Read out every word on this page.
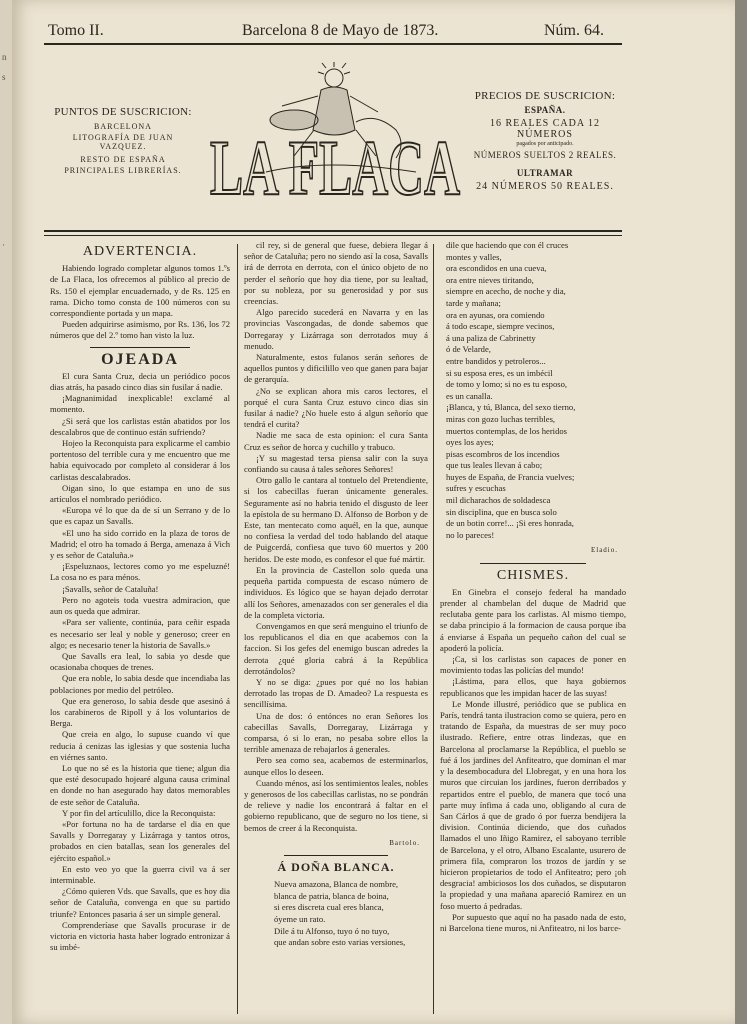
n
s
·
Tomo II.	Barcelona 8 de Mayo de 1873.	Núm. 64.
PUNTOS DE SUSCRICION:
BARCELONA
LITOGRAFÍA DE JUAN VAZQUEZ.
RESTO DE ESPAÑA
PRINCIPALES LIBRERÍAS. LA FLACA
PRECIOS DE SUSCRICION:
ESPAÑA.
16 REALES CADA 12 NÚMEROS
pagados por anticipado.
NÚMEROS SUELTOS 2 REALES.
ULTRAMAR
24 NÚMEROS 50 REALES.
ADVERTENCIA.

Habiendo logrado completar algunos tomos 1.ºs de La Flaca, los ofrecemos al público al precio de Rs. 150 el ejemplar encuadernado, y de Rs. 125 en rama. Dicho tomo consta de 100 números con su correspondiente portada y un mapa.

Pueden adquirirse asimismo, por Rs. 136, los 72 números que del 2.º tomo han visto la luz.

OJEADA

El cura Santa Cruz, decia un periódico pocos dias atrás, ha pasado cinco dias sin fusilar á nadie.

¡Magnanimidad inexplicable! exclamé al momento.

¿Si será que los carlistas están abatidos por los descalabros que de continuo están sufriendo?

Hojeo la Reconquista para explicarme el cambio portentoso del terrible cura y me encuentro que me habia equivocado por completo al considerar á los carlistas descalabrados.

Oigan sino, lo que estampa en uno de sus artículos el nombrado periódico.

«Europa vé lo que da de sí un Serrano y de lo que es capaz un Savalls.

«El uno ha sido corrido en la plaza de toros de Madrid; el otro ha tomado á Berga, amenaza á Vich y es señor de Cataluña.»

¡Espeluznaos, lectores como yo me espeluzné! La cosa no es para ménos.

¡Savalls, señor de Cataluña!

Pero no agoteis toda vuestra admiracion, que aun os queda que admirar.

«Para ser valiente, continúa, para ceñir espada es necesario ser leal y noble y generoso; creer en algo; es necesario tener la historia de Savalls.»

Que Savalls era leal, lo sabia yo desde que ocasionaba choques de trenes.

Que era noble, lo sabia desde que incendiaba las poblaciones por medio del petróleo.

Que era generoso, lo sabia desde que asesinó á los carabineros de Ripoll y á los voluntarios de Berga.

Que creia en algo, lo supuse cuando ví que reducia á cenizas las iglesias y que sostenia lucha en viérnes santo.

Lo que no sé es la historia que tiene; algun dia que esté desocupado hojearé alguna causa criminal en donde no han asegurado hay datos memorables de este señor de Cataluña.

Y por fin del artículillo, dice la Reconquista:

«Por fortuna no ha de tardarse el dia en que Savalls y Dorregaray y Lizárraga y tantos otros, probados en cien batallas, sean los generales del ejército español.»

En esto veo yo que la guerra civil va á ser interminable.

¿Cómo quieren Vds. que Savalls, que es hoy dia señor de Cataluña, convenga en que su partido triunfe? Entonces pasaria á ser un simple general.

Comprenderíase que Savalls procurase ir de victoria en victoria hasta haber logrado entronizar á su imbé-

cil rey, si de general que fuese, debiera llegar á señor de Cataluña; pero no siendo así la cosa, Savalls irá de derrota en derrota, con el único objeto de no perder el señorío que hoy dia tiene, por su lealtad, por su nobleza, por su generosidad y por sus creencias.

Algo parecido sucederá en Navarra y en las provincias Vascongadas, de donde sabemos que Dorregaray y Lizárraga son derrotados muy á menudo.

Naturalmente, estos fulanos serán señores de aquellos puntos y dificilillo veo que ganen para bajar de gerarquía.

¿No se explican ahora mis caros lectores, el porqué el cura Santa Cruz estuvo cinco dias sin fusilar á nadie? ¿No huele esto á algun señorío que tendrá el curita?

Nadie me saca de esta opinion: el cura Santa Cruz es señor de horca y cuchillo y trabuco.

¡Y su magestad tersa piensa salir con la suya confiando su causa á tales señores Señores!

Otro gallo le cantara al tontuelo del Pretendiente, si los cabecillas fueran únicamente generales. Seguramente así no habria tenido el disgusto de leer la epístola de su hermano D. Alfonso de Borbon y de Este, tan mentecato como aquél, en la que, aunque no confiesa la verdad del todo hablando del ataque de Puigcerdá, confiesa que tuvo 60 muertos y 200 heridos. De este modo, es confesor el que fué mártir.

En la provincia de Castellon solo queda una pequeña partida compuesta de escaso número de individuos. Es lógico que se hayan dejado derrotar allí los Señores, amenazados con ser generales el dia de la completa victoria.

Convengamos en que será menguino el triunfo de los republicanos el dia en que acabemos con la faccion. Si los gefes del enemigo buscan adredes la derrota ¿qué gloria cabrá á la República derrotándolos?

Y no se diga: ¿pues por qué no los habian derrotado las tropas de D. Amadeo? La respuesta es sencillísima.

Una de dos: ó entónces no eran Señores los cabecillas Savalls, Dorregaray, Lizárraga y comparsa, ó si lo eran, no pesaba sobre ellos la terrible amenaza de rebajarlos á generales.

Pero sea como sea, acabemos de esterminarlos, aunque ellos lo deseen.

Cuando ménos, así los sentimientos leales, nobles y generosos de los cabecillas carlistas, no se pondrán de relieve y nadie los encontrará á faltar en el gobierno republicano, que de seguro no los tiene, si bemos de creer á la Reconquista.

Bartolo.
Á DOÑA BLANCA.
Nueva amazona, Blanca de nombre,
blanca de patria, blanca de boina,
si eres discreta cual eres blanca,
óyeme un rato.
Dile á tu Alfonso, tuyo ó no tuyo,
que andan sobre esto varias versiones,
dile que haciendo que con él cruces
montes y valles,
ora escondidos en una cueva,
ora entre nieves tiritando,
siempre en acecho, de noche y dia,
tarde y mañana;
ora en ayunas, ora comiendo
á todo escape, siempre vecinos,
á una paliza de Cabrinetty
ó de Velarde,
entre bandidos y petroleros...
si su esposa eres, es un imbécil
de tomo y lomo; si no es tu esposo,
es un canalla.
¡Blanca, y tú, Blanca, del sexo tierno,
miras con gozo luchas terribles,
muertos contemplas, de los heridos
oyes los ayes;
pisas escombros de los incendios
que tus leales llevan á cabo;
huyes de España, de Francia vuelves;
sufres y escuchas
mil dicharachos de soldadesca
sin disciplina, que en busca solo
de un botin corre!... ¡Si eres honrada,
no lo pareces!
Eladio.
CHISMES.

En Ginebra el consejo federal ha mandado prender al chambelan del duque de Madrid que reclutaba gente para los carlistas. Al mismo tiempo, se daba principio á la formacion de causa porque iba á enviarse á España un pequeño cañon del cual se apoderó la policía.

¡Ca, si los carlistas son capaces de poner en movimiento todas las policías del mundo!

¡Lástima, para ellos, que haya gobiernos republicanos que les impidan hacer de las suyas!

Le Monde illustré, periódico que se publica en París, tendrá tanta ilustracion como se quiera, pero en tratando de España, da muestras de ser muy poco ilustrado. Refiere, entre otras lindezas, que en Barcelona al proclamarse la República, el pueblo se fué á los jardines del Anfiteatro, que dominan el mar y la desembocadura del Llobregat, y en una hora los muros que circuian los jardines, fueron derribados y repartidos entre el pueblo, de manera que tocó una parte muy ínfima á cada uno, obligando al cura de San Cárlos á que de grado ó por fuerza bendijera la division. Continúa diciendo, que dos cuñados llamados el uno Iñigo Ramirez, el saboyano terrible de Barcelona, y el otro, Albano Escalante, usurero de primera fila, compraron los trozos de jardín y se hicieron propietarios de todo el Anfiteatro; pero ¡oh desgracia! ambiciosos los dos cuñados, se disputaron la propiedad y una mañana apareció Ramirez en un foso muerto á pedradas.

Por supuesto que aquí no ha pasado nada de esto, ni Barcelona tiene muros, ni Anfiteatro, ni los barce-
